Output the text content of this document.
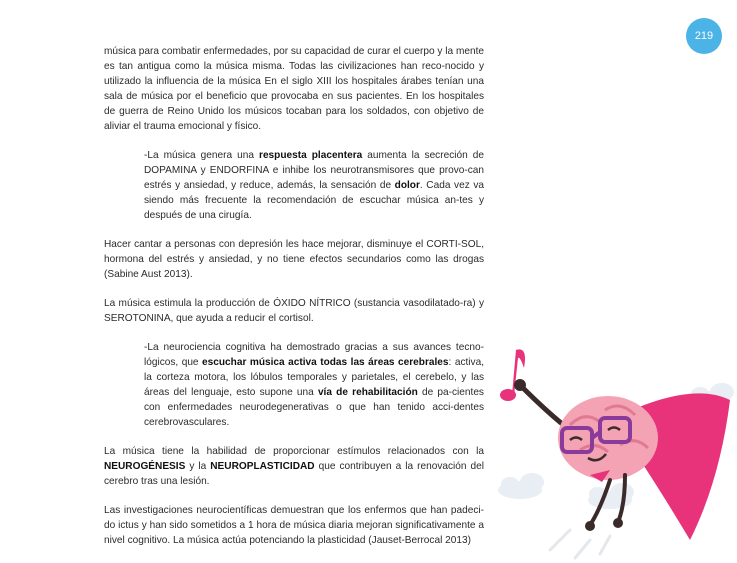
219

música para combatir enfermedades, por su capacidad de curar el cuerpo y la mente es tan antigua como la música misma. Todas las civilizaciones han reco-nocido y utilizado la influencia de la música En el siglo XIII los hospitales árabes tenían una sala de música por el beneficio que provocaba en sus pacientes. En los hospitales de guerra de Reino Unido los músicos tocaban para los soldados, con objetivo de aliviar el trauma emocional y físico.

-La música genera una respuesta placentera aumenta la secreción de DOPAMINA y ENDORFINA e inhibe los neurotransmisores que provo-can estrés y ansiedad, y reduce, además, la sensación de dolor. Cada vez va siendo más frecuente la recomendación de escuchar música an-tes y después de una cirugía.

Hacer cantar a personas con depresión les hace mejorar, disminuye el CORTI-SOL, hormona del estrés y ansiedad, y no tiene efectos secundarios como las drogas (Sabine Aust 2013).

La música estimula la producción de ÓXIDO NÍTRICO (sustancia vasodilatado-ra) y SEROTONINA, que ayuda a reducir el cortisol.

-La neurociencia cognitiva ha demostrado gracias a sus avances tecno-lógicos, que escuchar música activa todas las áreas cerebrales: activa, la corteza motora, los lóbulos temporales y parietales, el cerebelo, y las áreas del lenguaje, esto supone una vía de rehabilitación de pa-cientes con enfermedades neurodegenerativas o que han tenido acci-dentes cerebrovasculares.

La música tiene la habilidad de proporcionar estímulos relacionados con la NEUROGÉNESIS y la NEUROPLASTICIDAD que contribuyen a la renovación del cerebro tras una lesión.

Las investigaciones neurocientíficas demuestran que los enfermos que han padeci-do ictus y han sido sometidos a 1 hora de música diaria mejoran significativamente a nivel cognitivo. La música actúa potenciando la plasticidad (Jauset-Berrocal 2013)
